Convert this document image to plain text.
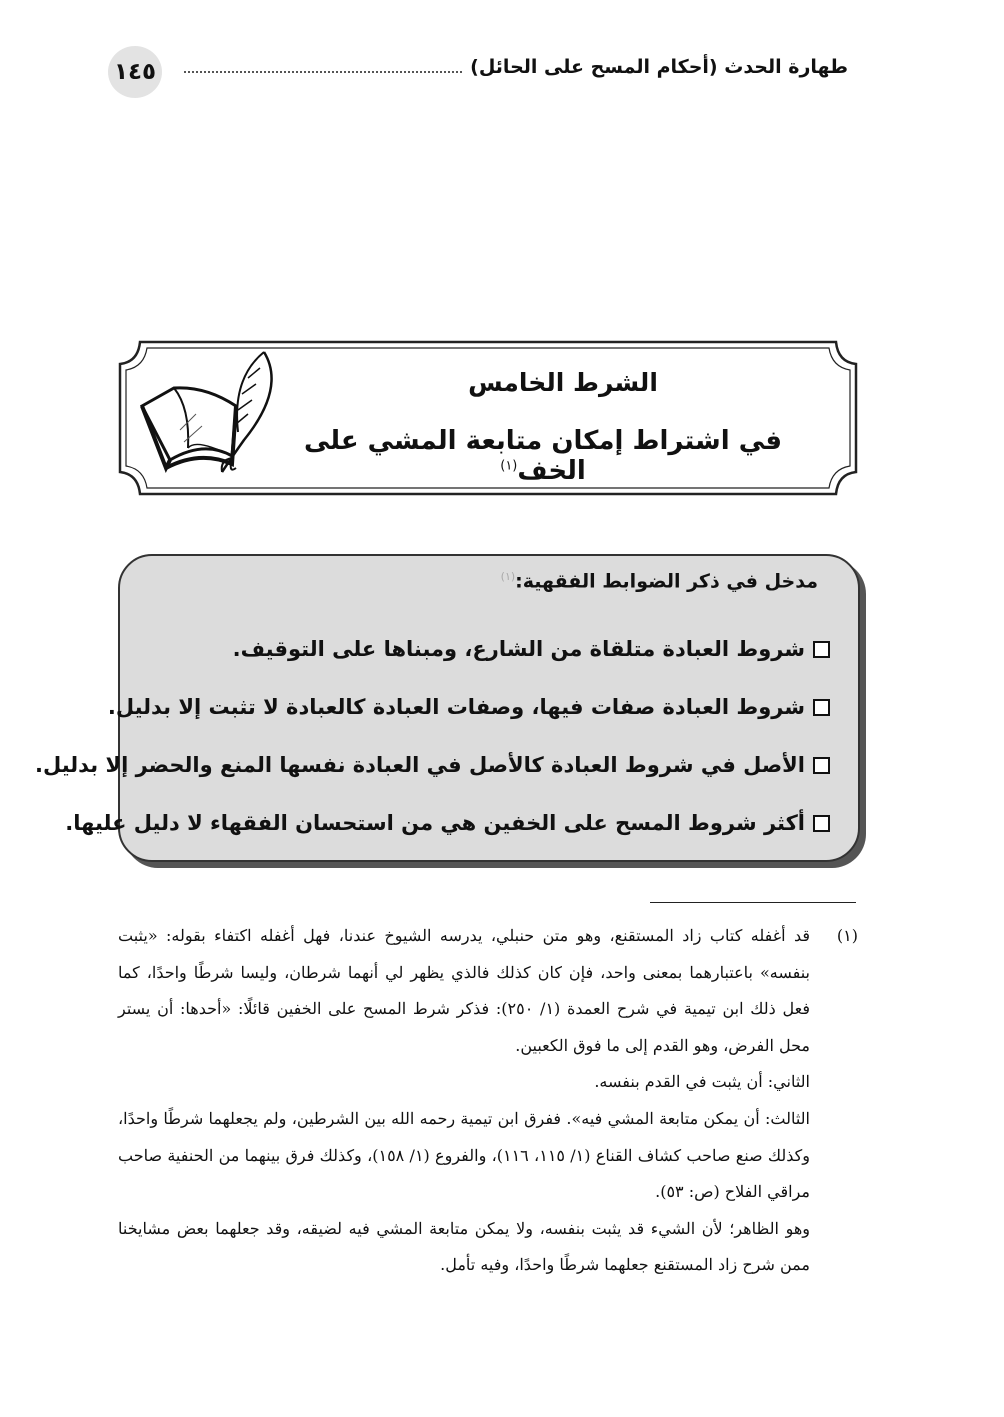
١٤٥	طهارة الحدث (أحكام المسح على الحائل)
الشرط الخامس
في اشتراط إمكان متابعة المشي على الخف$^{(١)}$
مدخل في ذكر الضوابط الفقهية:$^{(١)}$
شروط العبادة متلقاة من الشارع، ومبناها على التوقيف.
شروط العبادة صفات فيها، وصفات العبادة كالعبادة لا تثبت إلا بدليل.
الأصل في شروط العبادة كالأصل في العبادة نفسها المنع والحضر إلا بدليل.
أكثر شروط المسح على الخفين هي من استحسان الفقهاء لا دليل عليها.
(١)

قد أغفله كتاب زاد المستقنع، وهو متن حنبلي، يدرسه الشيوخ عندنا، فهل أغفله اكتفاء بقوله: «يثبت بنفسه» باعتبارهما بمعنى واحد، فإن كان كذلك فالذي يظهر لي أنهما شرطان، وليسا شرطًا واحدًا، كما فعل ذلك ابن تيمية في شرح العمدة (١/ ٢٥٠): فذكر شرط المسح على الخفين قائلًا: «أحدها: أن يستر محل الفرض، وهو القدم إلى ما فوق الكعبين.

الثاني: أن يثبت في القدم بنفسه.

الثالث: أن يمكن متابعة المشي فيه». ففرق ابن تيمية رحمه الله بين الشرطين، ولم يجعلهما شرطًا واحدًا، وكذلك صنع صاحب كشاف القناع (١/ ١١٥، ١١٦)، والفروع (١/ ١٥٨)، وكذلك فرق بينهما من الحنفية صاحب مراقي الفلاح (ص: ٥٣).

وهو الظاهر؛ لأن الشيء قد يثبت بنفسه، ولا يمكن متابعة المشي فيه لضيقه، وقد جعلهما بعض مشايخنا ممن شرح زاد المستقنع جعلهما شرطًا واحدًا، وفيه تأمل.
